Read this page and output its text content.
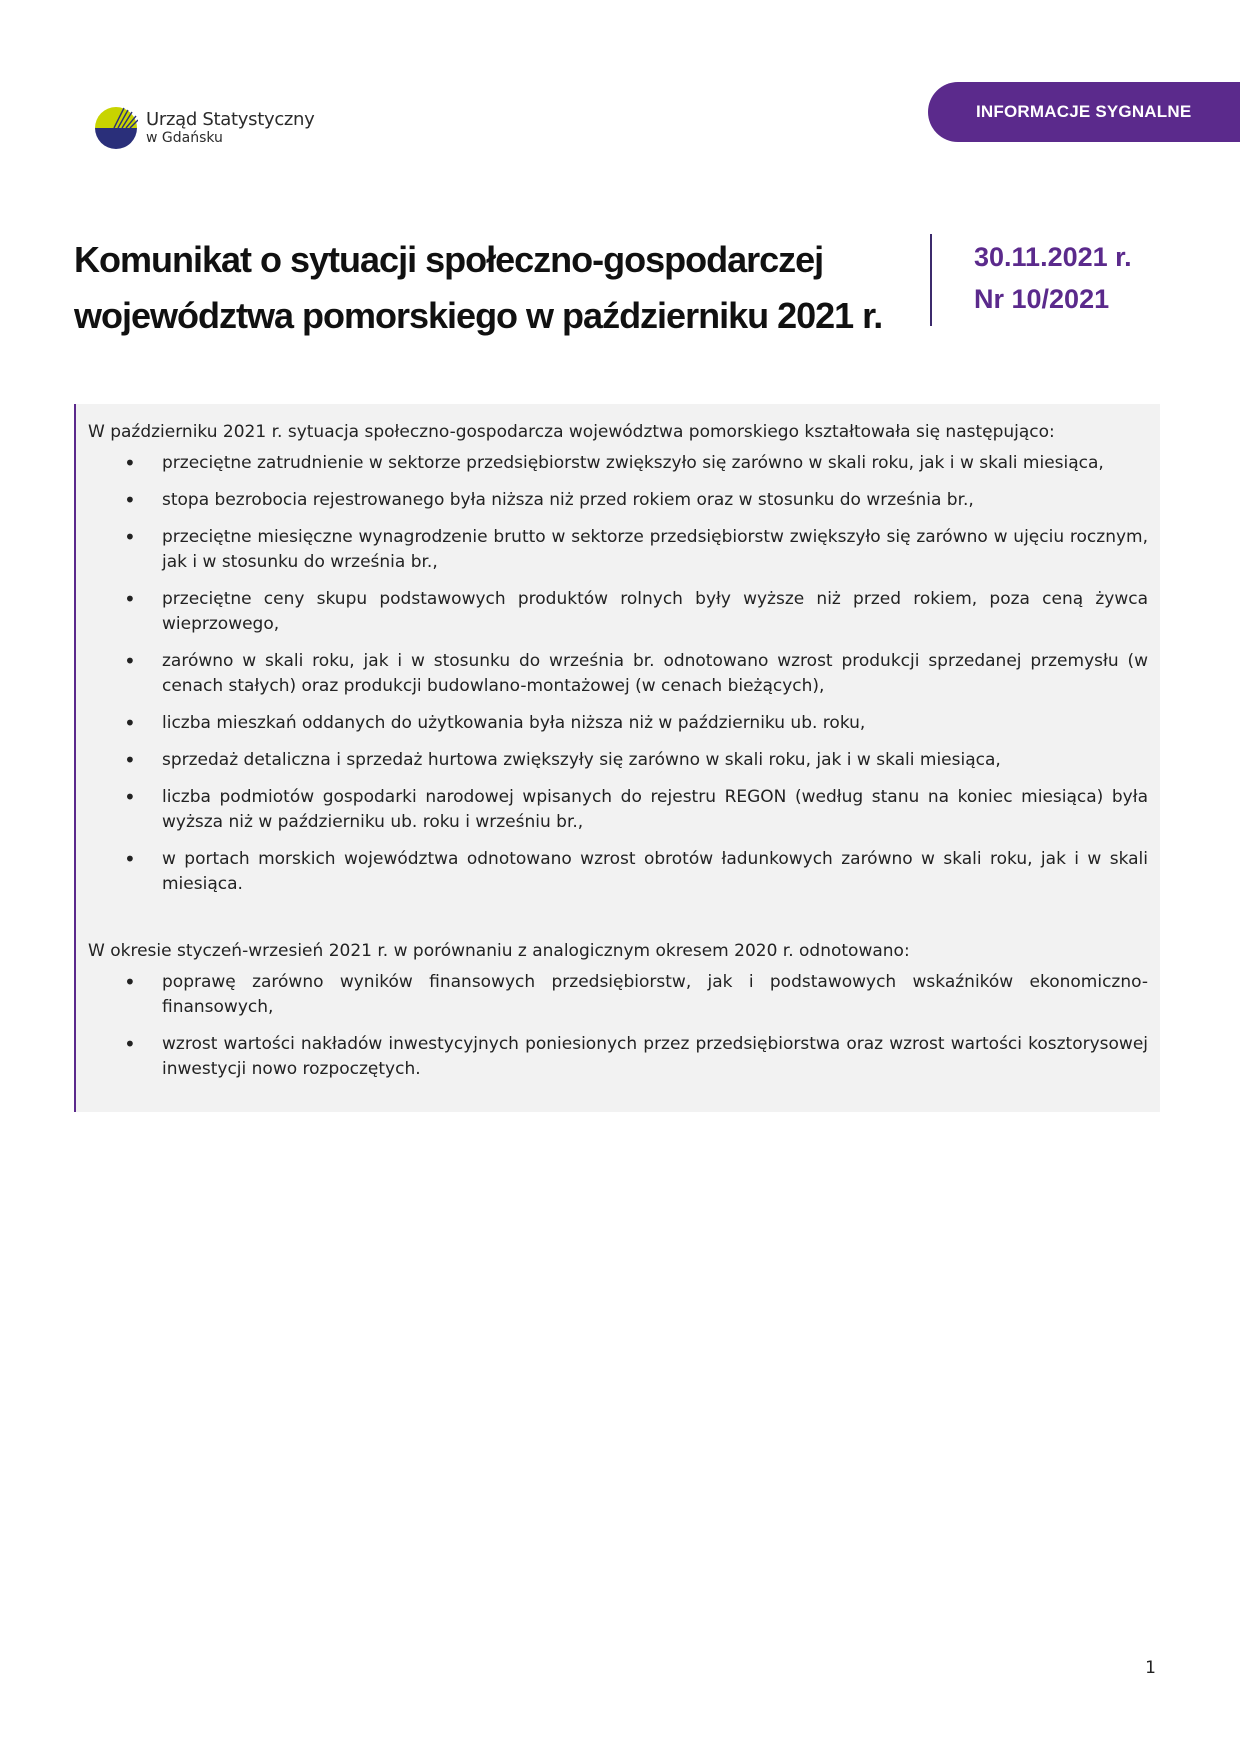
Urząd Statystyczny
w Gdańsku
INFORMACJE SYGNALNE
Komunikat o sytuacji społeczno-gospodarczej
województwa pomorskiego w październiku 2021 r.
30.11.2021 r.
Nr 10/2021

W październiku 2021 r. sytuacja społeczno-gospodarcza województwa pomorskiego kształtowała się następująco:

• przeciętne zatrudnienie w sektorze przedsiębiorstw zwiększyło się zarówno w skali roku, jak i w skali miesiąca,
• stopa bezrobocia rejestrowanego była niższa niż przed rokiem oraz w stosunku do września br.,
• przeciętne miesięczne wynagrodzenie brutto w sektorze przedsiębiorstw zwiększyło się zarówno w ujęciu rocznym, jak i w stosunku do września br.,
• przeciętne ceny skupu podstawowych produktów rolnych były wyższe niż przed rokiem, poza ceną żywca wieprzowego,
• zarówno w skali roku, jak i w stosunku do września br. odnotowano wzrost produkcji sprzedanej przemysłu (w cenach stałych) oraz produkcji budowlano-montażowej (w cenach bieżących),
• liczba mieszkań oddanych do użytkowania była niższa niż w październiku ub. roku,
• sprzedaż detaliczna i sprzedaż hurtowa zwiększyły się zarówno w skali roku, jak i w skali miesiąca,
• liczba podmiotów gospodarki narodowej wpisanych do rejestru REGON (według stanu na koniec miesiąca) była wyższa niż w październiku ub. roku i wrześniu br.,
• w portach morskich województwa odnotowano wzrost obrotów ładunkowych zarówno w skali roku, jak i w skali miesiąca.

W okresie styczeń-wrzesień 2021 r. w porównaniu z analogicznym okresem 2020 r. odnotowano:

• poprawę zarówno wyników finansowych przedsiębiorstw, jak i podstawowych wskaźników ekonomiczno-finansowych,
• wzrost wartości nakładów inwestycyjnych poniesionych przez przedsiębiorstwa oraz wzrost wartości kosztorysowej inwestycji nowo rozpoczętych.
1
